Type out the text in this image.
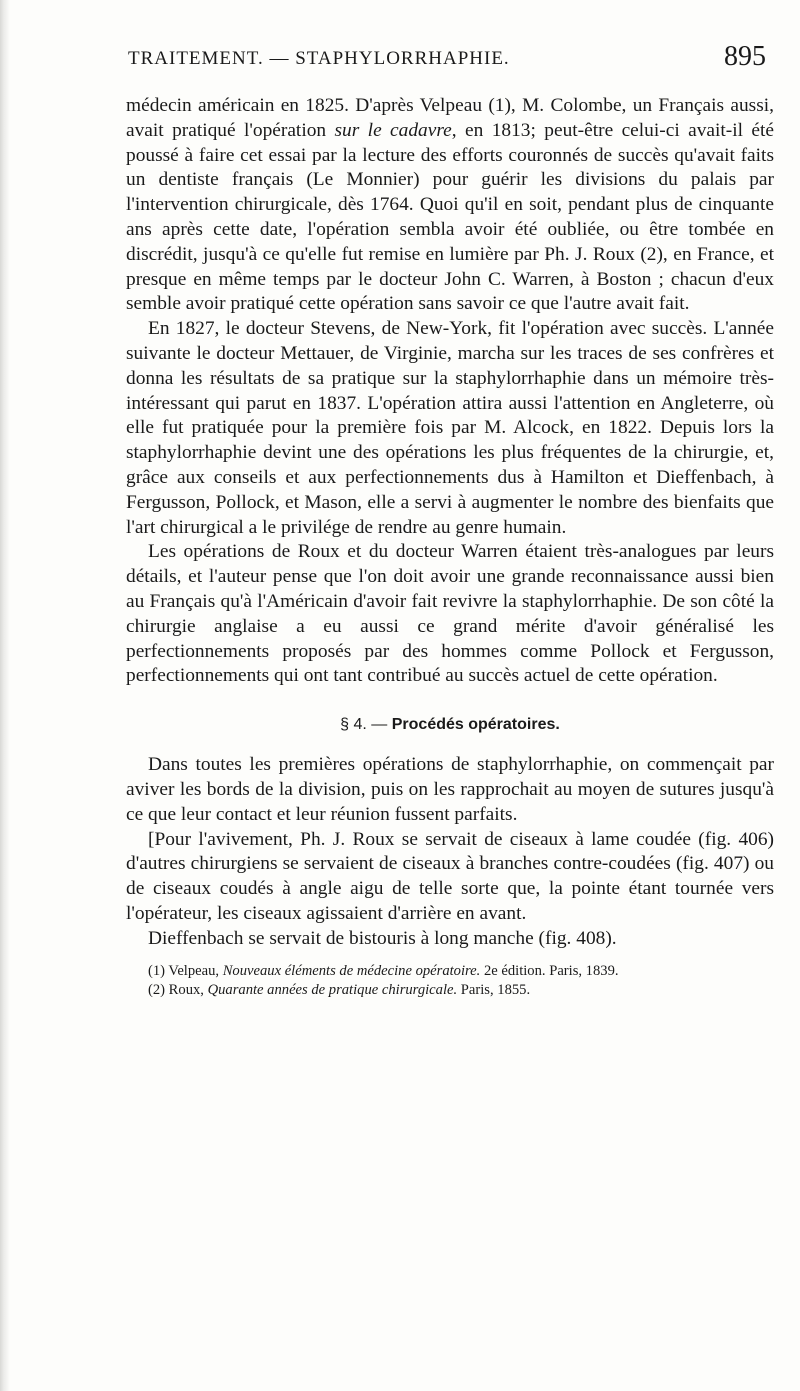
TRAITEMENT. — STAPHYLORRHAPHIE.	895

médecin américain en 1825. D'après Velpeau (1), M. Colombe, un Français aussi, avait pratiqué l'opération sur le cadavre, en 1813; peut-être celui-ci avait-il été poussé à faire cet essai par la lecture des efforts couronnés de succès qu'avait faits un dentiste français (Le Monnier) pour guérir les divisions du palais par l'intervention chirurgicale, dès 1764. Quoi qu'il en soit, pendant plus de cinquante ans après cette date, l'opération sembla avoir été oubliée, ou être tombée en discrédit, jusqu'à ce qu'elle fut remise en lumière par Ph. J. Roux (2), en France, et presque en même temps par le docteur John C. Warren, à Boston ; chacun d'eux semble avoir pratiqué cette opération sans savoir ce que l'autre avait fait.

En 1827, le docteur Stevens, de New-York, fit l'opération avec succès. L'année suivante le docteur Mettauer, de Virginie, marcha sur les traces de ses confrères et donna les résultats de sa pratique sur la staphylorrhaphie dans un mémoire très-intéressant qui parut en 1837. L'opération attira aussi l'attention en Angleterre, où elle fut pratiquée pour la première fois par M. Alcock, en 1822. Depuis lors la staphylorrhaphie devint une des opérations les plus fréquentes de la chirurgie, et, grâce aux conseils et aux perfectionnements dus à Hamilton et Dieffenbach, à Fergusson, Pollock, et Mason, elle a servi à augmenter le nombre des bienfaits que l'art chirurgical a le privilége de rendre au genre humain.

Les opérations de Roux et du docteur Warren étaient très-analogues par leurs détails, et l'auteur pense que l'on doit avoir une grande reconnaissance aussi bien au Français qu'à l'Américain d'avoir fait revivre la staphylorrhaphie. De son côté la chirurgie anglaise a eu aussi ce grand mérite d'avoir généralisé les perfectionnements proposés par des hommes comme Pollock et Fergusson, perfectionnements qui ont tant contribué au succès actuel de cette opération.

§ 4. — Procédés opératoires.

Dans toutes les premières opérations de staphylorrhaphie, on commençait par aviver les bords de la division, puis on les rapprochait au moyen de sutures jusqu'à ce que leur contact et leur réunion fussent parfaits.

[Pour l'avivement, Ph. J. Roux se servait de ciseaux à lame coudée (fig. 406) d'autres chirurgiens se servaient de ciseaux à branches contre-coudées (fig. 407) ou de ciseaux coudés à angle aigu de telle sorte que, la pointe étant tournée vers l'opérateur, les ciseaux agissaient d'arrière en avant.

Dieffenbach se servait de bistouris à long manche (fig. 408).

(1) Velpeau, Nouveaux éléments de médecine opératoire. 2e édition. Paris, 1839.

(2) Roux, Quarante années de pratique chirurgicale. Paris, 1855.
